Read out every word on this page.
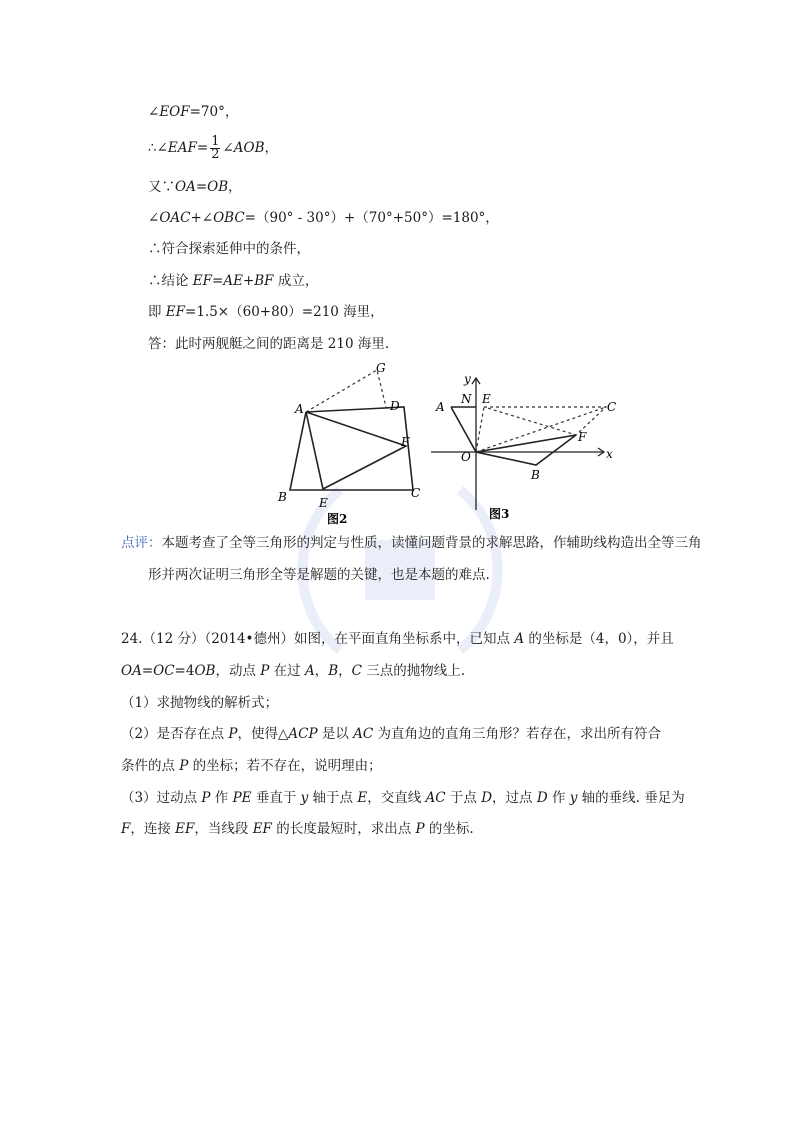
∠EOF=70°，
∴∠EAF= $\frac{1}{2}$ ∠AOB，
又∵OA=OB，
∠OAC+∠OBC=（90° - 30°）+（70°+50°）=180°，
∴符合探索延伸中的条件，
∴结论 EF=AE+BF 成立，
即 EF=1.5×（60+80）=210 海里，
答：此时两舰艇之间的距离是 210 海里.
G
A	D
F
B	E
C
图2
y
A
N E
C
F
O	x
B
图3
点评：本题考查了全等三角形的判定与性质，读懂问题背景的求解思路，作辅助线构造出全等三角
形并两次证明三角形全等是解题的关键，也是本题的难点.
24.（12 分）（2014•德州）如图，在平面直角坐标系中，已知点 A 的坐标是（4，0），并且
OA=OC=4OB，动点 P 在过 A，B，C 三点的抛物线上.
（1）求抛物线的解析式；
（2）是否存在点 P，使得△ACP 是以 AC 为直角边的直角三角形？若存在，求出所有符合
条件的点 P 的坐标；若不存在，说明理由；
（3）过动点 P 作 PE 垂直于 y 轴于点 E，交直线 AC 于点 D，过点 D 作 y 轴的垂线. 垂足为
F，连接 EF，当线段 EF 的长度最短时，求出点 P 的坐标.
